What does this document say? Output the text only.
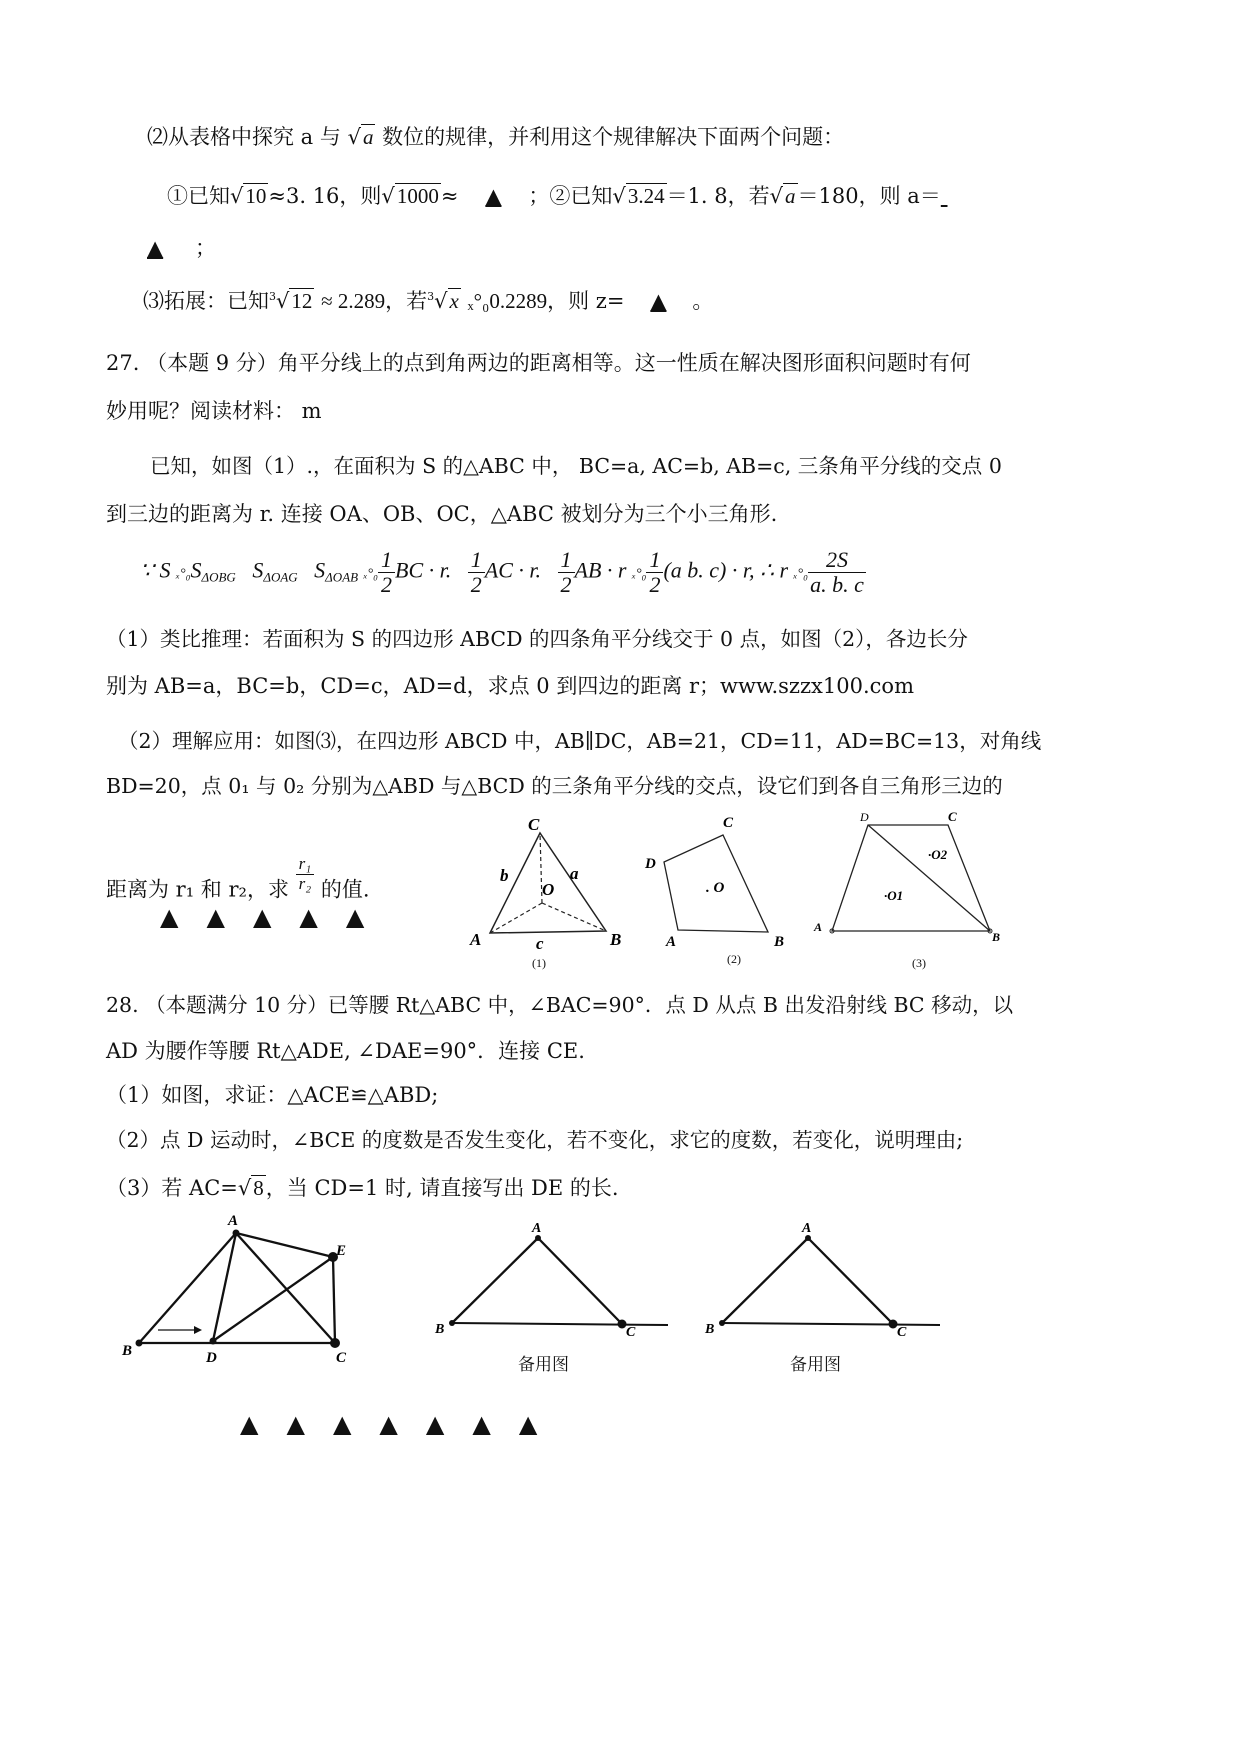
⑵从表格中探究 a 与 √a 数位的规律，并利用这个规律解决下面两个问题：
①已知√10≈3. 16，则√1000≈ ▲ ；②已知√3.24＝1. 8，若√a＝180，则 a＝
▲ ；
⑶拓展：已知$^3$√12 ≈ 2.289，若$^3$√x ₓ°₀0.2289，则 z= ▲ 。
27. （本题 9 分）角平分线上的点到角两边的距离相等。这一性质在解决图形面积问题时有何
妙用呢？阅读材料： m
已知，如图（1）.，在面积为 S 的△ABC 中， BC=a, AC=b, AB=c, 三条角平分线的交点 0
到三边的距离为 r. 连接 OA、OB、OC，△ABC 被划分为三个小三角形.
∵ S $_x^\circ_0S_{\Delta OBG}$ $S_{\Delta OAG}$ $S_{\Delta OAB}$ $_x^\circ_0 \frac{1}{2}$ BC · r. $\frac{1}{2}$ AC · r. $\frac{1}{2}$ AB · r $_x^\circ_0 \frac{1}{2} (a$ b. c) · r, ∴ r $_x^\circ_0 \frac{2S}{a. b. c}$
（1）类比推理：若面积为 S 的四边形 ABCD 的四条角平分线交于 0 点，如图（2），各边长分
别为 AB=a，BC=b，CD=c，AD=d，求点 0 到四边的距离 r；www.szzx100.com
（2）理解应用：如图⑶，在四边形 ABCD 中，AB∥DC，AB=21，CD=11，AD=BC=13，对角线
BD=20，点 0₁ 与 0₂ 分别为△ABD 与△BCD 的三条角平分线的交点，设它们到各自三角形三边的
距离为 r₁ 和 r₂，求 $\frac{\text{r₁}}{\text{r₂}}$ 的值.
▲ ▲ ▲ ▲ ▲
C
A	B
O
a
b
c
(1)
C
D
A	B
. O
(2)
D	C
A
B
·O1
·O2
(3)
28. （本题满分 10 分）已等腰 Rt△ABC 中，∠BAC=90°．点 D 从点 B 出发沿射线 BC 移动，以
AD 为腰作等腰 Rt△ADE, ∠DAE=90°．连接 CE.
（1）如图，求证：△ACE≌△ABD;
（2）点 D 运动时，∠BCE 的度数是否发生变化，若不变化，求它的度数，若变化，说明理由;
（3）若 AC=√8，当 CD=1 时, 请直接写出 DE 的长.
A
B	C
D
E
A
B	C
备用图
A
B	C
备用图
▲ ▲ ▲ ▲ ▲ ▲ ▲
